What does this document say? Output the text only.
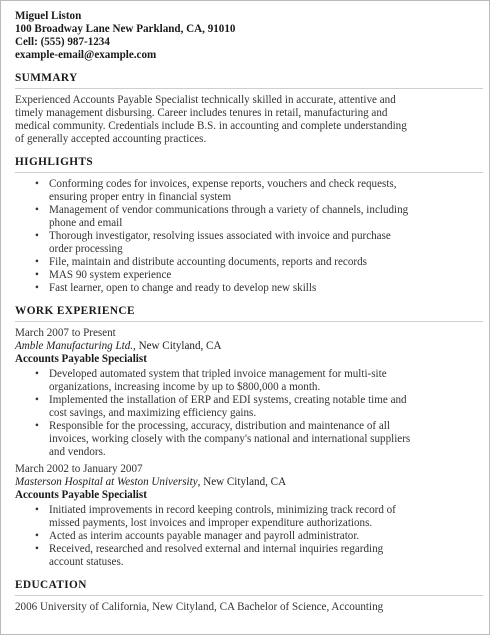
Miguel Liston
100 Broadway Lane New Parkland, CA, 91010
Cell: (555) 987-1234
example-email@example.com
SUMMARY
Experienced Accounts Payable Specialist technically skilled in accurate, attentive and
timely management disbursing. Career includes tenures in retail, manufacturing and
medical community. Credentials include B.S. in accounting and complete understanding
of generally accepted accounting practices.
HIGHLIGHTS
• Conforming codes for invoices, expense reports, vouchers and check requests,
ensuring proper entry in financial system
• Management of vendor communications through a variety of channels, including
phone and email
• Thorough investigator, resolving issues associated with invoice and purchase
order processing
• File, maintain and distribute accounting documents, reports and records
• MAS 90 system experience
• Fast learner, open to change and ready to develop new skills
WORK EXPERIENCE
March 2007 to Present
Amble Manufacturing Ltd., New Cityland, CA
Accounts Payable Specialist
• Developed automated system that tripled invoice management for multi-site
organizations, increasing income by up to $800,000 a month.
• Implemented the installation of ERP and EDI systems, creating notable time and
cost savings, and maximizing efficiency gains.
• Responsible for the processing, accuracy, distribution and maintenance of all
invoices, working closely with the company's national and international suppliers
and vendors.
March 2002 to January 2007
Masterson Hospital at Weston University, New Cityland, CA
Accounts Payable Specialist
• Initiated improvements in record keeping controls, minimizing track record of
missed payments, lost invoices and improper expenditure authorizations.
• Acted as interim accounts payable manager and payroll administrator.
• Received, researched and resolved external and internal inquiries regarding
account statuses.
EDUCATION
2006 University of California, New Cityland, CA Bachelor of Science, Accounting
